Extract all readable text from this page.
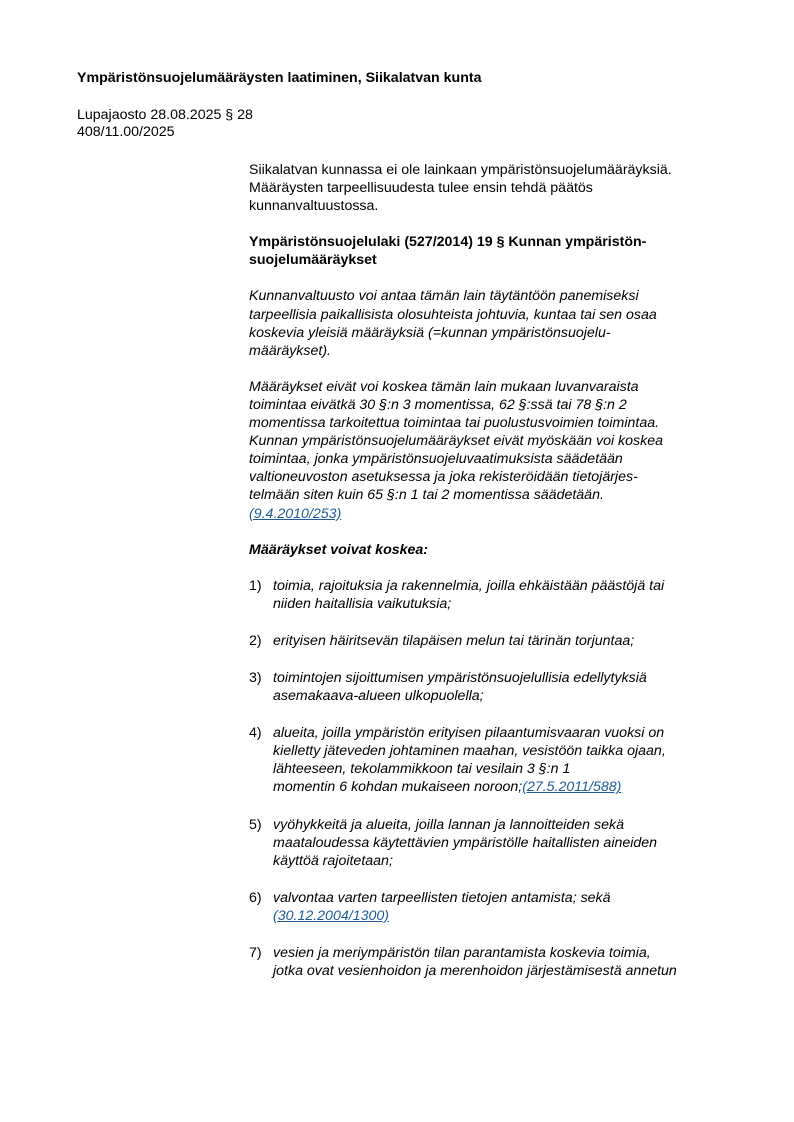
Ympäristönsuojelumääräysten laatiminen, Siikalatvan kunta
Lupajaosto 28.08.2025 § 28
408/11.00/2025
Siikalatvan kunnassa ei ole lainkaan ympäristönsuojelumääräyksiä.
Määräysten tarpeellisuudesta tulee ensin tehdä päätös
kunnanvaltuustossa.
Ympäristönsuojelulaki (527/2014) 19 § Kunnan ympäristön-
suojelumääräykset
Kunnanvaltuusto voi antaa tämän lain täytäntöön panemiseksi
tarpeellisia paikallisista olosuhteista johtuvia, kuntaa tai sen osaa
koskevia yleisiä määräyksiä (=kunnan ympäristönsuojelu-
määräykset).
Määräykset eivät voi koskea tämän lain mukaan luvanvaraista
toimintaa eivätkä 30 §:n 3 momentissa, 62 §:ssä tai 78 §:n 2
momentissa tarkoitettua toimintaa tai puolustusvoimien toimintaa.
Kunnan ympäristönsuojelumääräykset eivät myöskään voi koskea
toimintaa, jonka ympäristönsuojeluvaatimuksista säädetään
valtioneuvoston asetuksessa ja joka rekisteröidään tietojärjes-
telmään siten kuin 65 §:n 1 tai 2 momentissa säädetään.
(9.4.2010/253)
Määräykset voivat koskea:
1) toimia, rajoituksia ja rakennelmia, joilla ehkäistään päästöjä tai
niiden haitallisia vaikutuksia;
2) erityisen häiritsevän tilapäisen melun tai tärinän torjuntaa;
3) toimintojen sijoittumisen ympäristönsuojelullisia edellytyksiä
asemakaava-alueen ulkopuolella;
4) alueita, joilla ympäristön erityisen pilaantumisvaaran vuoksi on
kielletty jäteveden johtaminen maahan, vesistöön taikka ojaan,
lähteeseen, tekolammikkoon tai vesilain 3 §:n 1
momentin 6 kohdan mukaiseen noroon;(27.5.2011/588)
5) vyöhykkeitä ja alueita, joilla lannan ja lannoitteiden sekä
maataloudessa käytettävien ympäristölle haitallisten aineiden
käyttöä rajoitetaan;
6) valvontaa varten tarpeellisten tietojen antamista; sekä
(30.12.2004/1300)
7) vesien ja meriympäristön tilan parantamista koskevia toimia,
jotka ovat vesienhoidon ja merenhoidon järjestämisestä annetun
